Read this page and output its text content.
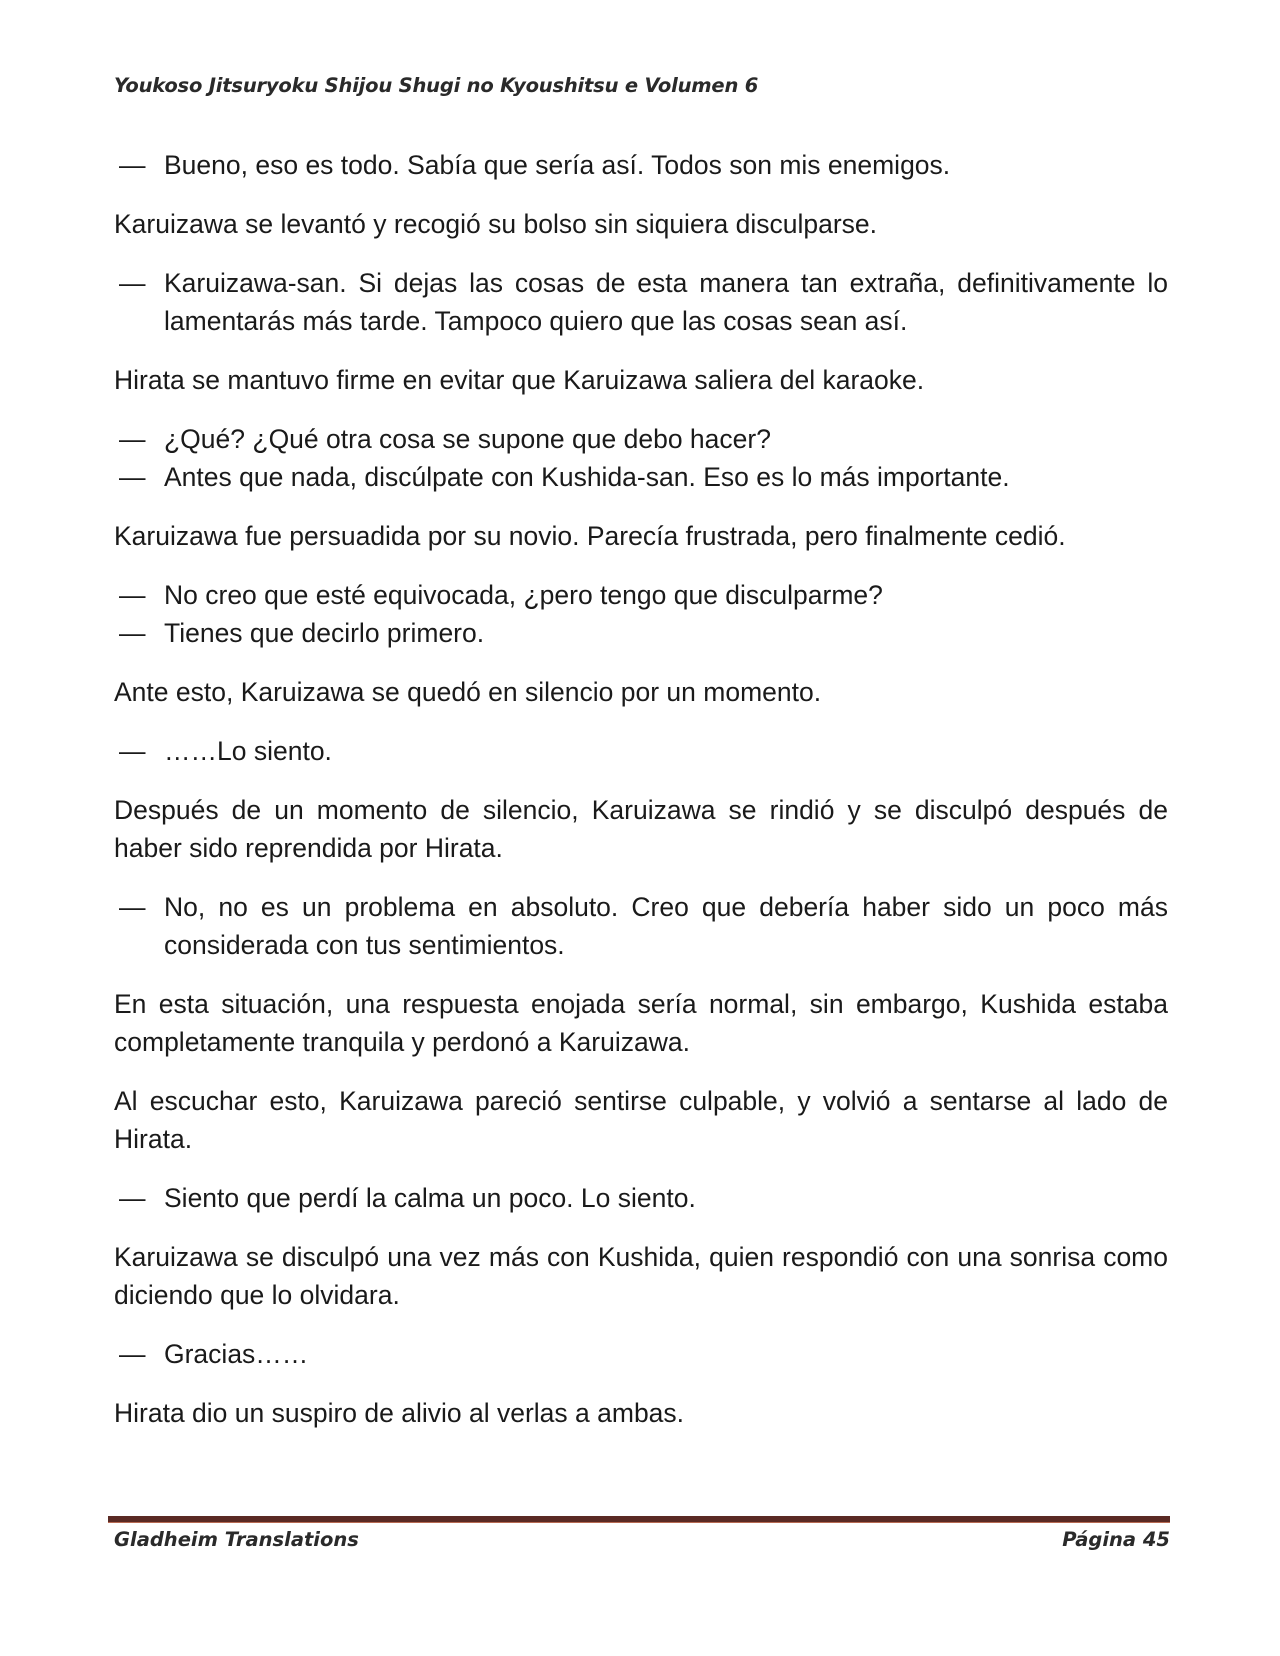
Youkoso Jitsuryoku Shijou Shugi no Kyoushitsu e Volumen 6
— Bueno, eso es todo. Sabía que sería así. Todos son mis enemigos.

Karuizawa se levantó y recogió su bolso sin siquiera disculparse.

— Karuizawa-san. Si dejas las cosas de esta manera tan extraña, definitivamente lo lamentarás más tarde. Tampoco quiero que las cosas sean así.

Hirata se mantuvo firme en evitar que Karuizawa saliera del karaoke.

— ¿Qué? ¿Qué otra cosa se supone que debo hacer?
— Antes que nada, discúlpate con Kushida-san. Eso es lo más importante.

Karuizawa fue persuadida por su novio. Parecía frustrada, pero finalmente cedió.

— No creo que esté equivocada, ¿pero tengo que disculparme?
— Tienes que decirlo primero.

Ante esto, Karuizawa se quedó en silencio por un momento.

— ……Lo siento.

Después de un momento de silencio, Karuizawa se rindió y se disculpó después de haber sido reprendida por Hirata.

— No, no es un problema en absoluto. Creo que debería haber sido un poco más considerada con tus sentimientos.

En esta situación, una respuesta enojada sería normal, sin embargo, Kushida estaba completamente tranquila y perdonó a Karuizawa.

Al escuchar esto, Karuizawa pareció sentirse culpable, y volvió a sentarse al lado de Hirata.

— Siento que perdí la calma un poco. Lo siento.

Karuizawa se disculpó una vez más con Kushida, quien respondió con una sonrisa como diciendo que lo olvidara.

— Gracias……

Hirata dio un suspiro de alivio al verlas a ambas.

Gladheim Translations	Página 45
